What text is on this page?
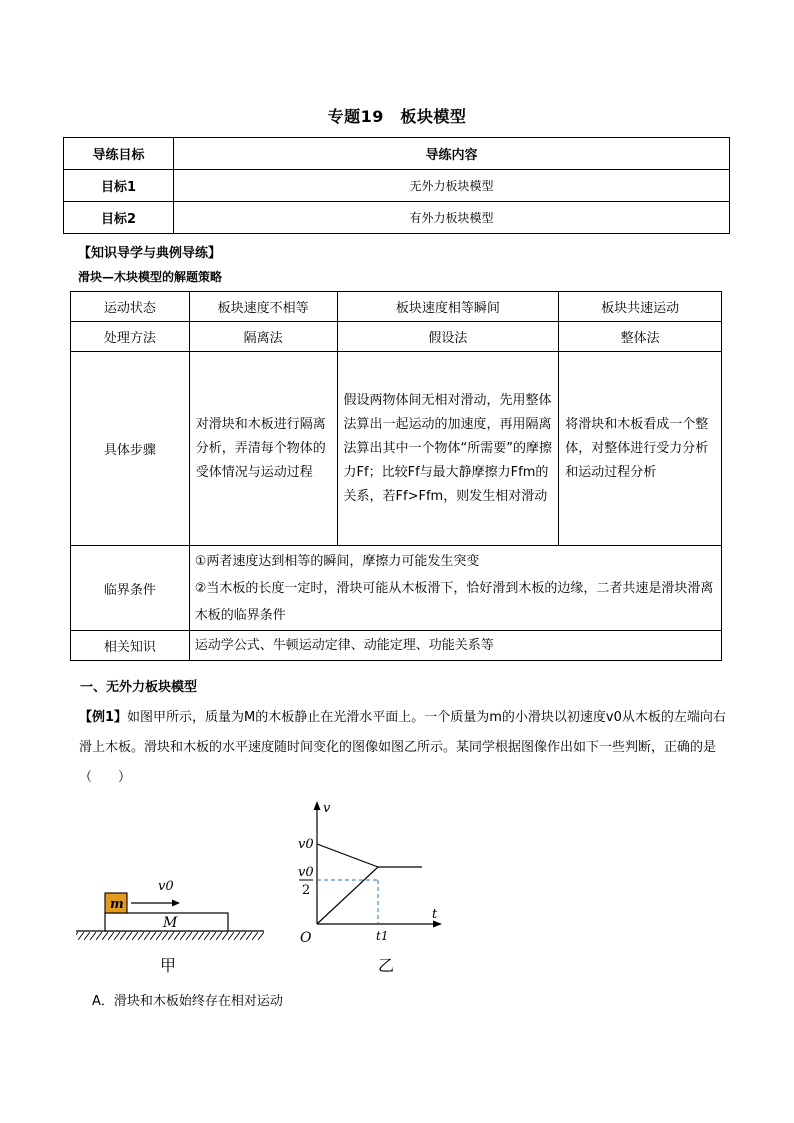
专题19　板块模型
导练目标	导练内容
目标1	无外力板块模型
目标2	有外力板块模型
【知识导学与典例导练】
滑块—木块模型的解题策略
运动状态	板块速度不相等	板块速度相等瞬间	板块共速运动
处理方法	隔离法	假设法	整体法
具体步骤	对滑块和木板进行隔离分析，弄清每个物体的受体情况与运动过程	假设两物体间无相对滑动，先用整体法算出一起运动的加速度，再用隔离法算出其中一个物体“所需要”的摩擦力Ff；比较Ff与最大静摩擦力Ffm的关系，若Ff>Ffm，则发生相对滑动	将滑块和木板看成一个整体，对整体进行受力分析和运动过程分析
临界条件	①两者速度达到相等的瞬间，摩擦力可能发生突变
②当木板的长度一定时，滑块可能从木板滑下，恰好滑到木板的边缘，二者共速是滑块滑离木板的临界条件		

相关知识	运动学公式、牛顿运动定律、动能定理、功能关系等		
一、无外力板块模型
【例1】如图甲所示，质量为M的木板静止在光滑水平面上。一个质量为m的小滑块以初速度v0从木板的左端向右滑上木板。滑块和木板的水平速度随时间变化的图像如图乙所示。某同学根据图像作出如下一些判断，正确的是（　　）
m
M
v0
甲
v
t
O
v0
v0
2
t1
乙
A．滑块和木板始终存在相对运动
